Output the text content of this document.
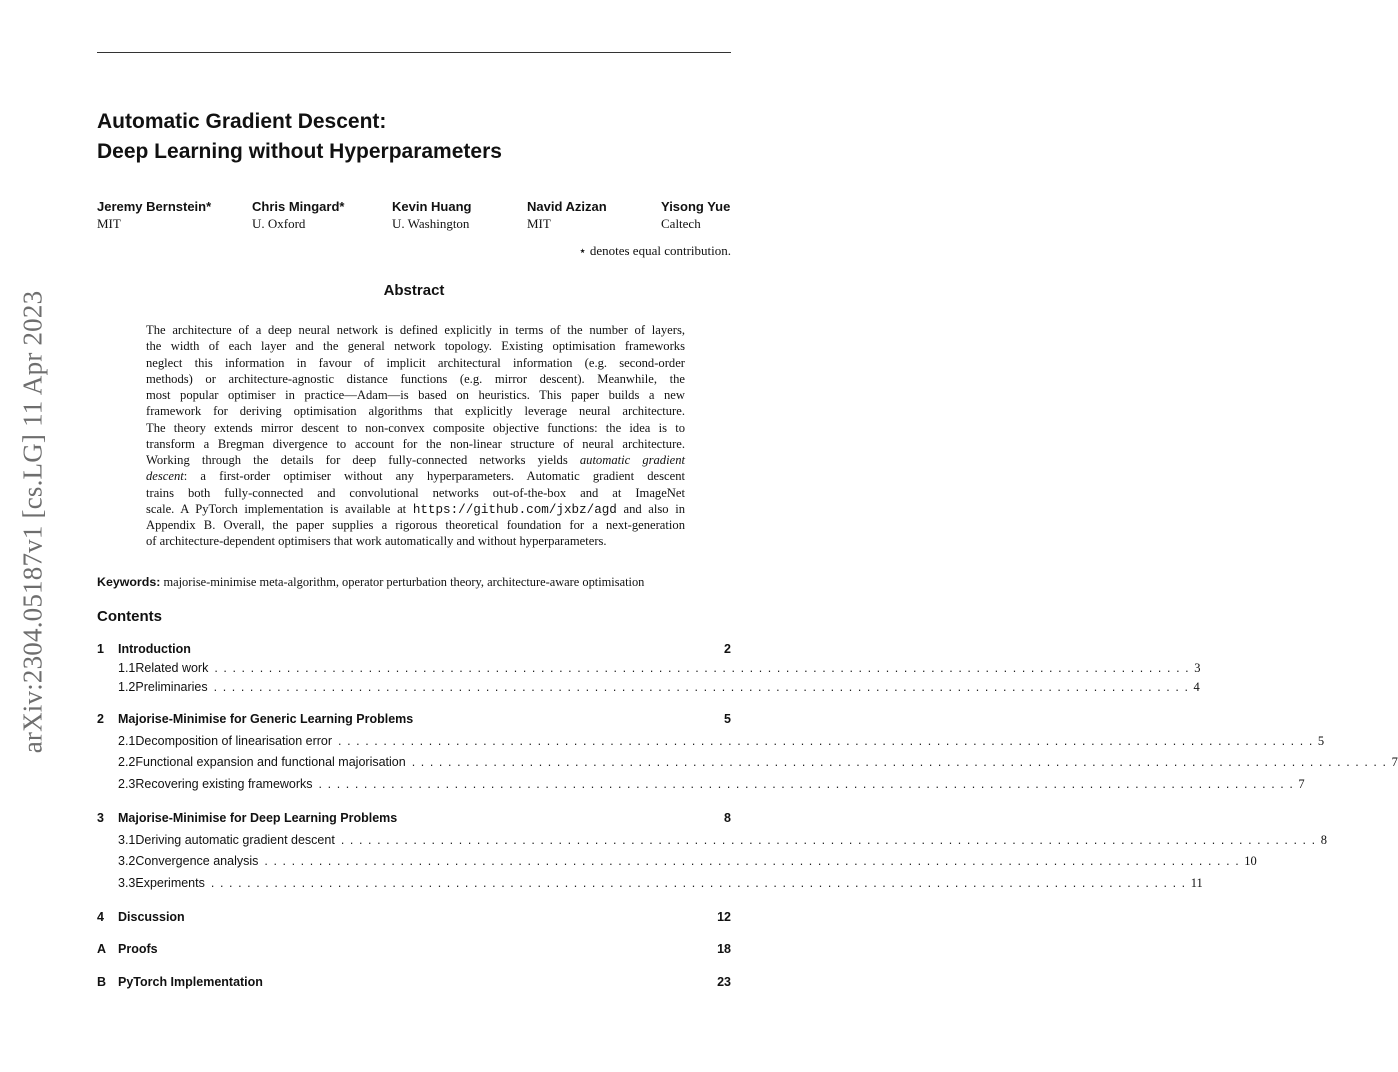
arXiv:2304.05187v1 [cs.LG] 11 Apr 2023
Automatic Gradient Descent:
Deep Learning without Hyperparameters
Jeremy Bernstein*
MIT
Chris Mingard*
U. Oxford
Kevin Huang
U. Washington
Navid Azizan
MIT
Yisong Yue
Caltech
⋆ denotes equal contribution.
Abstract
The architecture of a deep neural network is defined explicitly in terms of the number of layers,
the width of each layer and the general network topology. Existing optimisation frameworks
neglect this information in favour of implicit architectural information (e.g. second-order
methods) or architecture-agnostic distance functions (e.g. mirror descent). Meanwhile, the
most popular optimiser in practice—Adam—is based on heuristics. This paper builds a new
framework for deriving optimisation algorithms that explicitly leverage neural architecture.
The theory extends mirror descent to non-convex composite objective functions: the idea is to
transform a Bregman divergence to account for the non-linear structure of neural architecture.
Working through the details for deep fully-connected networks yields automatic gradient
descent: a first-order optimiser without any hyperparameters. Automatic gradient descent
trains both fully-connected and convolutional networks out-of-the-box and at ImageNet
scale. A PyTorch implementation is available at https://github.com/jxbz/agd and also in
Appendix B. Overall, the paper supplies a rigorous theoretical foundation for a next-generation
of architecture-dependent optimisers that work automatically and without hyperparameters.
Keywords: majorise-minimise meta-algorithm, operator perturbation theory, architecture-aware optimisation
Contents
1	Introduction	2
1.1 Related work ............................................................................................................ 3
1.2 Preliminaries ............................................................................................................ 4
2	Majorise-Minimise for Generic Learning Problems	5
2.1 Decomposition of linearisation error ............................................................................................................ 5
2.2 Functional expansion and functional majorisation ............................................................................................................ 7
2.3 Recovering existing frameworks ............................................................................................................ 7
3	Majorise-Minimise for Deep Learning Problems	8
3.1 Deriving automatic gradient descent ............................................................................................................ 8
3.2 Convergence analysis ............................................................................................................ 10
3.3 Experiments ............................................................................................................ 11
4	Discussion	12
A Proofs	18
B PyTorch Implementation	23
